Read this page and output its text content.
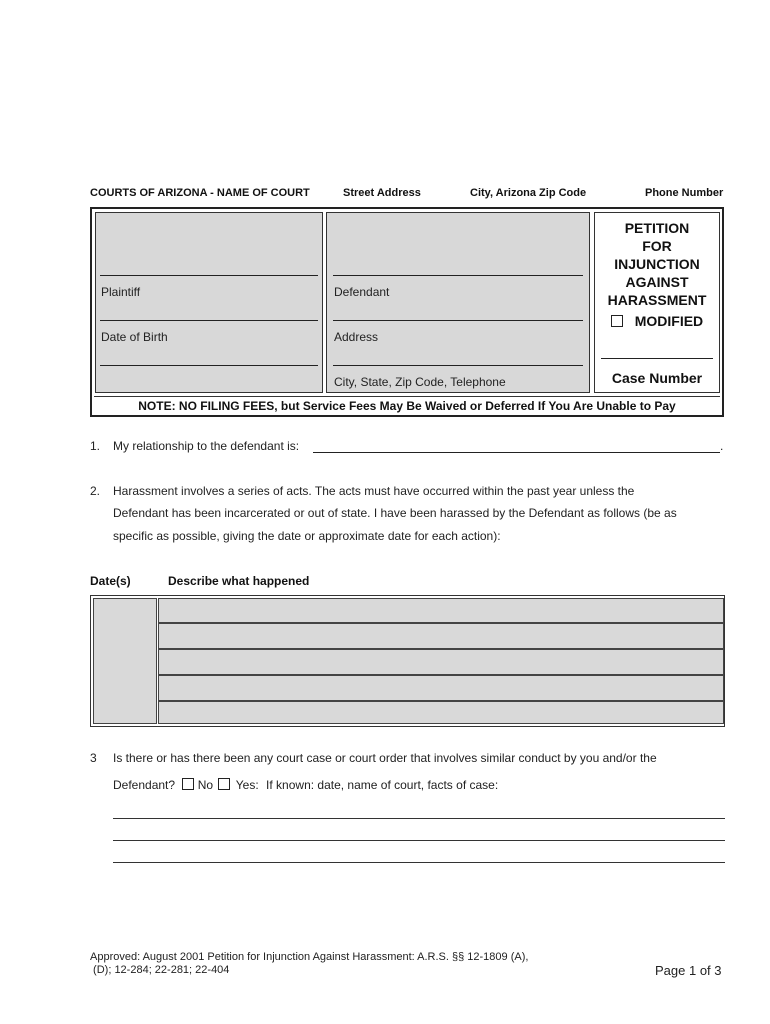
COURTS OF ARIZONA - NAME OF COURT	Street Address	City, Arizona Zip Code	Phone Number
Plaintiff
Date of Birth
Defendant
Address
City, State, Zip Code, Telephone
PETITION
FOR
INJUNCTION
AGAINST
HARASSMENT
MODIFIED
Case Number
NOTE: NO FILING FEES, but Service Fees May Be Waived or Deferred If You Are Unable to Pay
1. My relationship to the defendant is:	.
2. Harassment involves a series of acts. The acts must have occurred within the past year unless the
Defendant has been incarcerated or out of state. I have been harassed by the Defendant as follows (be as
specific as possible, giving the date or approximate date for each action):
Date(s)	Describe what happened
3 Is there or has there been any court case or court order that involves similar conduct by you and/or the
Defendant? No Yes: If known: date, name of court, facts of case:
Approved: August 2001 Petition for Injunction Against Harassment: A.R.S. §§ 12-1809 (A),
(D); 12-284; 22-281; 22-404	Page 1 of 3
